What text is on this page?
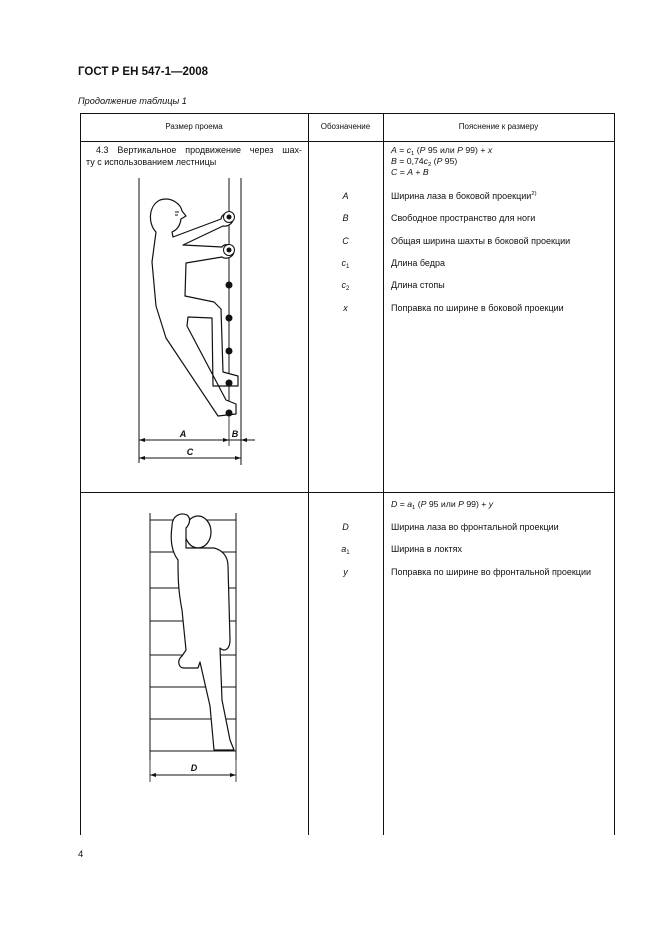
ГОСТ Р ЕН 547-1—2008
Продолжение таблицы 1
Размер проема	Обозначение	Пояснение к размеру
4.3 Вертикальное продвижение через шах-
ту с использованием лестницы
$A = c_1$ (P 95 или P 99) + x
$B = 0,74c_2$ (P 95)
C = A + B
A	Ширина лаза в боковой проекции$^{2)}$
B	Свободное пространство для ноги
C	Общая ширина шахты в боковой проекции
$c_1$	Длина бедра
$c_2$	Длина стопы
x	Поправка по ширине в боковой проекции
A	B
C
$D = a_1$ (P 95 или P 99) + y
D	Ширина лаза во фронтальной проекции
$a_1$	Ширина в локтях
y	Поправка по ширине во фронтальной проекции
D
4
